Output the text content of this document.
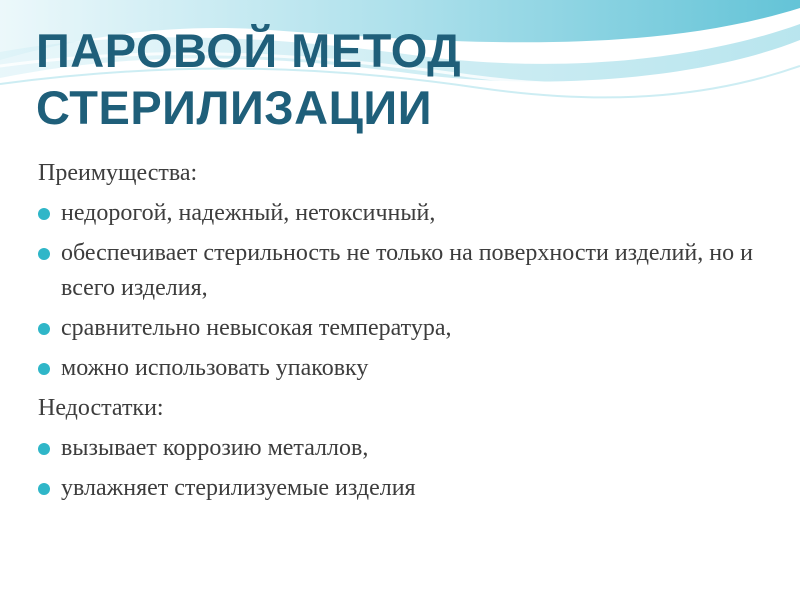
ПАРОВОЙ МЕТОД
СТЕРИЛИЗАЦИИ
Преимущества:
недорогой, надежный, нетоксичный,
обеспечивает стерильность не только на поверхности изделий, но и всего изделия,
сравнительно невысокая температура,
можно использовать упаковку
Недостатки:
вызывает коррозию металлов,
увлажняет стерилизуемые изделия
